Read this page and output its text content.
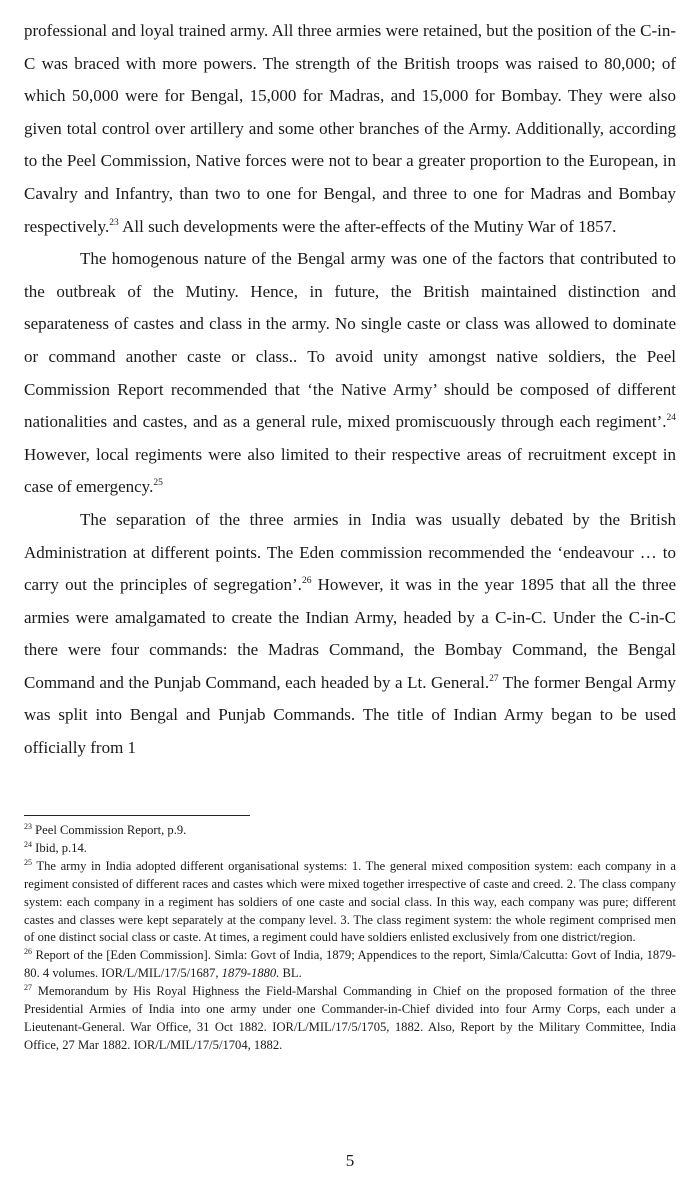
professional and loyal trained army. All three armies were retained, but the position of the C-in-C was braced with more powers. The strength of the British troops was raised to 80,000; of which 50,000 were for Bengal, 15,000 for Madras, and 15,000 for Bombay. They were also given total control over artillery and some other branches of the Army. Additionally, according to the Peel Commission, Native forces were not to bear a greater proportion to the European, in Cavalry and Infantry, than two to one for Bengal, and three to one for Madras and Bombay respectively.$^{23}$ All such developments were the after-effects of the Mutiny War of 1857.

The homogenous nature of the Bengal army was one of the factors that contributed to the outbreak of the Mutiny. Hence, in future, the British maintained distinction and separateness of castes and class in the army. No single caste or class was allowed to dominate or command another caste or class.. To avoid unity amongst native soldiers, the Peel Commission Report recommended that ‘the Native Army’ should be composed of different nationalities and castes, and as a general rule, mixed promiscuously through each regiment’.$^{24}$ However, local regiments were also limited to their respective areas of recruitment except in case of emergency.$^{25}$

The separation of the three armies in India was usually debated by the British Administration at different points. The Eden commission recommended the ‘endeavour … to carry out the principles of segregation’.$^{26}$ However, it was in the year 1895 that all the three armies were amalgamated to create the Indian Army, headed by a C-in-C. Under the C-in-C there were four commands: the Madras Command, the Bombay Command, the Bengal Command and the Punjab Command, each headed by a Lt. General.$^{27}$ The former Bengal Army was split into Bengal and Punjab Commands. The title of Indian Army began to be used officially from 1

$^{23}$ Peel Commission Report, p.9.

$^{24}$ Ibid, p.14.

$^{25}$ The army in India adopted different organisational systems: 1. The general mixed composition system: each company in a regiment consisted of different races and castes which were mixed together irrespective of caste and creed. 2. The class company system: each company in a regiment has soldiers of one caste and social class. In this way, each company was pure; different castes and classes were kept separately at the company level. 3. The class regiment system: the whole regiment comprised men of one distinct social class or caste. At times, a regiment could have soldiers enlisted exclusively from one district/region.

$^{26}$ Report of the [Eden Commission]. Simla: Govt of India, 1879; Appendices to the report, Simla/Calcutta: Govt of India, 1879-80. 4 volumes. IOR/L/MIL/17/5/1687, 1879-1880. BL.

$^{27}$ Memorandum by His Royal Highness the Field-Marshal Commanding in Chief on the proposed formation of the three Presidential Armies of India into one army under one Commander-in-Chief divided into four Army Corps, each under a Lieutenant-General. War Office, 31 Oct 1882. IOR/L/MIL/17/5/1705, 1882. Also, Report by the Military Committee, India Office, 27 Mar 1882. IOR/L/MIL/17/5/1704, 1882.

5
